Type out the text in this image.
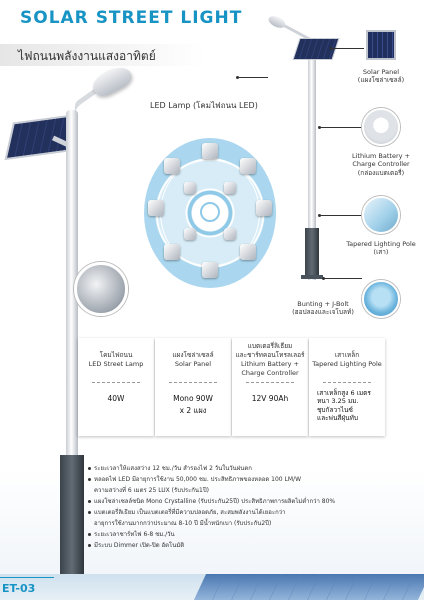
SOLAR STREET LIGHT
ไฟถนนพลังงานแสงอาทิตย์
LED Lamp (โคมไฟถนน LED)
Solar Panel
(แผงโซล่าเซลล์)
Lithium Battery +
Charge Controller
(กล่องแบตเตอรี่)
Tapered Lighting Pole
(เสา)
Bunting + J-Bolt
(ฮอปลองและเจโบลท์)
โคมไฟถนน
LED Street Lamp
40W
แผงโซล่าเซลล์
Solar Panel
Mono 90W
x 2 แผง
แบตเตอรี่ลิเธียม
และชาร์ทคอนโทรลเลอร์
Lithium Battery +
Charge Controller
12V 90Ah
เสาเหล็ก
Tapered Lighting Pole
เสาเหล็กสูง 6 เมตร
หนา 3.25 มม.
ชุบกัลวาไนซ์
และพ่นสีฝุ่นทับ
ระยะเวลาให้แสงสว่าง 12 ชม./วัน สำรองไฟ 2 วันในวันฝนตก
หลอดไฟ LED มีอายุการใช้งาน 50,000 ชม. ประสิทธิภาพของหลอด 100 LM/W
ความสว่างที่ 6 เมตร 25 LUX (รับประกัน1ปี)
แผงโซล่าเซลล์ชนิด Mono Crystalline (รับประกัน25ปี) ประสิทธิภาพการผลิตไม่ต่ำกว่า 80%
แบตเตอรี่ลิเธียม เป็นแบตเตอรี่ที่มีความปลอดภัย, สะสมพลังงานได้เยอะกว่า
อายุการใช้งานมากกว่าประมาณ 8-10 ปี มีน้ำหนักเบา (รับประกัน2ปี)
ระยะเวลาชาร์ทไฟ 6-8 ชม./วัน
มีระบบ Dimmer เปิด-ปิด อัตโนมัติ
ET-03
